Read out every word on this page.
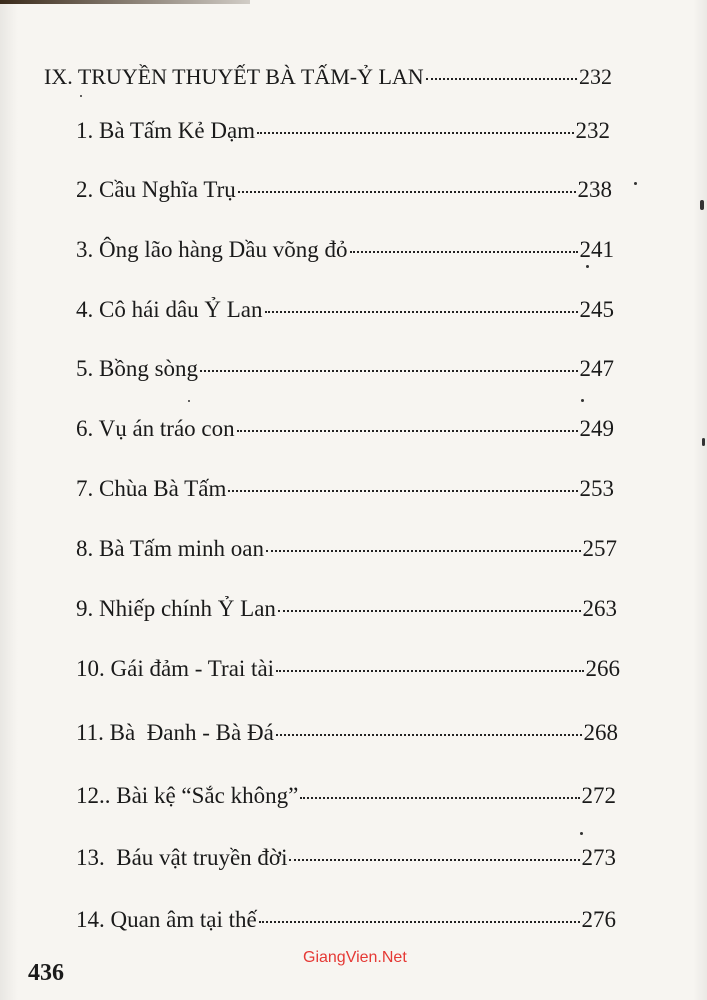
IX. TRUYỀN THUYẾT BÀ TẤM-Ỷ LAN	232
1. Bà Tấm Kẻ Dạm	232
2. Cầu Nghĩa Trụ	238
3. Ông lão hàng Dầu võng đỏ	241
4. Cô hái dâu Ỷ Lan	245
5. Bồng sòng	247
6. Vụ án tráo con	249
7. Chùa Bà Tấm	253
8. Bà Tấm minh oan	257
9. Nhiếp chính Ỷ Lan	263
10. Gái đảm - Trai tài	266
11. Bà  Đanh - Bà Đá	268
12.. Bài kệ “Sắc không”	272
13.  Báu vật truyền đời	273
14. Quan âm tại thế	276
GiangVien.Net
436
